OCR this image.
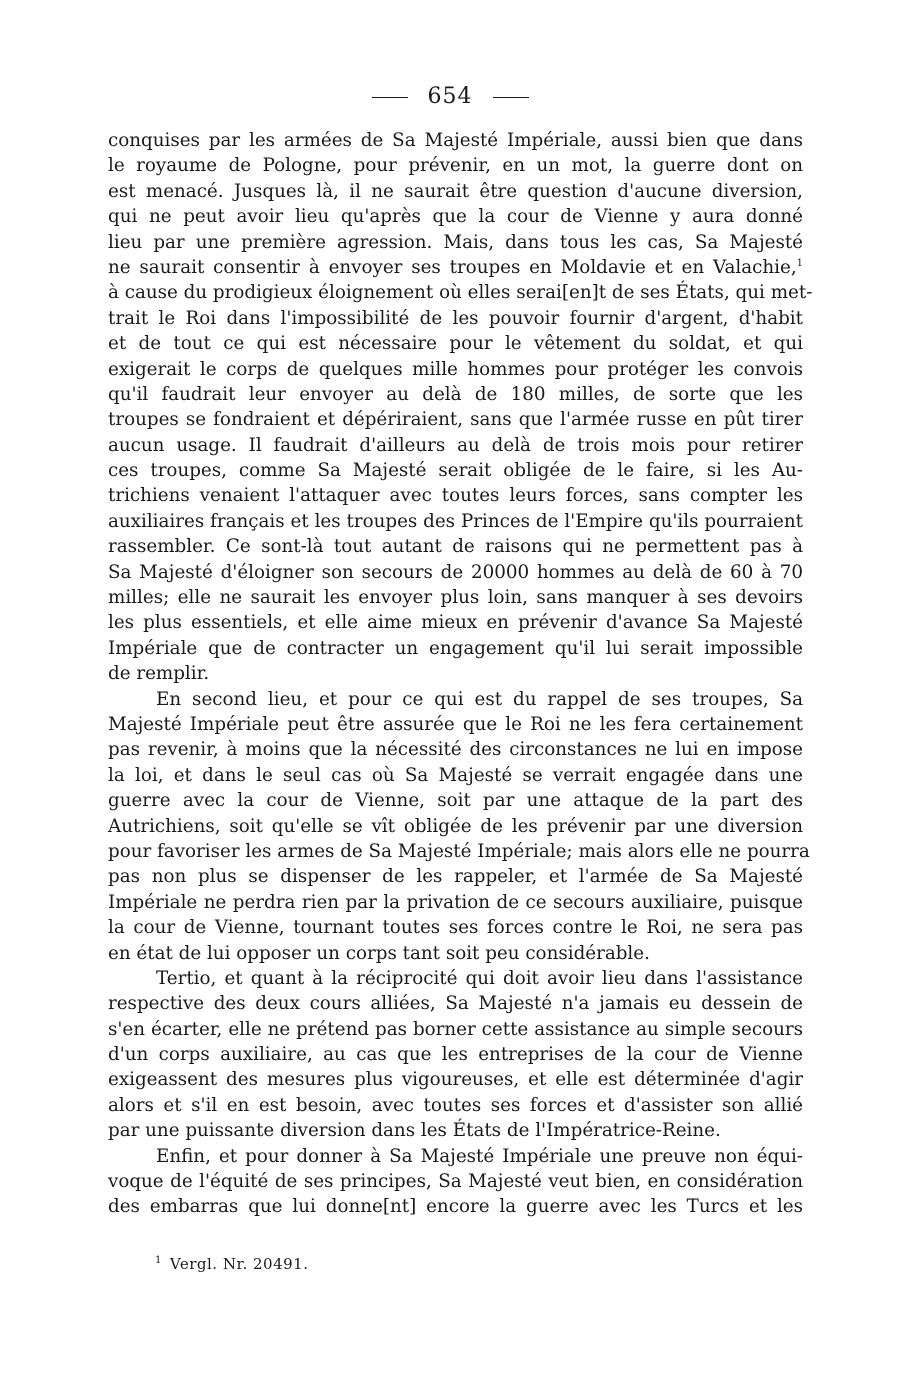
654
conquises par les armées de Sa Majesté Impériale, aussi bien que dans
le royaume de Pologne, pour prévenir, en un mot, la guerre dont on
est menacé. Jusques là, il ne saurait être question d'aucune diversion,
qui ne peut avoir lieu qu'après que la cour de Vienne y aura donné
lieu par une première agression. Mais, dans tous les cas, Sa Majesté
ne saurait consentir à envoyer ses troupes en Moldavie et en Valachie,$^1$
à cause du prodigieux éloignement où elles serai[en]t de ses États, qui met-
trait le Roi dans l'impossibilité de les pouvoir fournir d'argent, d'habit
et de tout ce qui est nécessaire pour le vêtement du soldat, et qui
exigerait le corps de quelques mille hommes pour protéger les convois
qu'il faudrait leur envoyer au delà de 180 milles, de sorte que les
troupes se fondraient et dépériraient, sans que l'armée russe en pût tirer
aucun usage. Il faudrait d'ailleurs au delà de trois mois pour retirer
ces troupes, comme Sa Majesté serait obligée de le faire, si les Au-
trichiens venaient l'attaquer avec toutes leurs forces, sans compter les
auxiliaires français et les troupes des Princes de l'Empire qu'ils pourraient
rassembler. Ce sont-là tout autant de raisons qui ne permettent pas à
Sa Majesté d'éloigner son secours de 20000 hommes au delà de 60 à 70
milles; elle ne saurait les envoyer plus loin, sans manquer à ses devoirs
les plus essentiels, et elle aime mieux en prévenir d'avance Sa Majesté
Impériale que de contracter un engagement qu'il lui serait impossible
de remplir.
En second lieu, et pour ce qui est du rappel de ses troupes, Sa
Majesté Impériale peut être assurée que le Roi ne les fera certainement
pas revenir, à moins que la nécessité des circonstances ne lui en impose
la loi, et dans le seul cas où Sa Majesté se verrait engagée dans une
guerre avec la cour de Vienne, soit par une attaque de la part des
Autrichiens, soit qu'elle se vît obligée de les prévenir par une diversion
pour favoriser les armes de Sa Majesté Impériale; mais alors elle ne pourra
pas non plus se dispenser de les rappeler, et l'armée de Sa Majesté
Impériale ne perdra rien par la privation de ce secours auxiliaire, puisque
la cour de Vienne, tournant toutes ses forces contre le Roi, ne sera pas
en état de lui opposer un corps tant soit peu considérable.
Tertio, et quant à la réciprocité qui doit avoir lieu dans l'assistance
respective des deux cours alliées, Sa Majesté n'a jamais eu dessein de
s'en écarter, elle ne prétend pas borner cette assistance au simple secours
d'un corps auxiliaire, au cas que les entreprises de la cour de Vienne
exigeassent des mesures plus vigoureuses, et elle est déterminée d'agir
alors et s'il en est besoin, avec toutes ses forces et d'assister son allié
par une puissante diversion dans les États de l'Impératrice-Reine.
Enfin, et pour donner à Sa Majesté Impériale une preuve non équi-
voque de l'équité de ses principes, Sa Majesté veut bien, en considération
des embarras que lui donne[nt] encore la guerre avec les Turcs et les
$^1$ Vergl. Nr. 20491.
